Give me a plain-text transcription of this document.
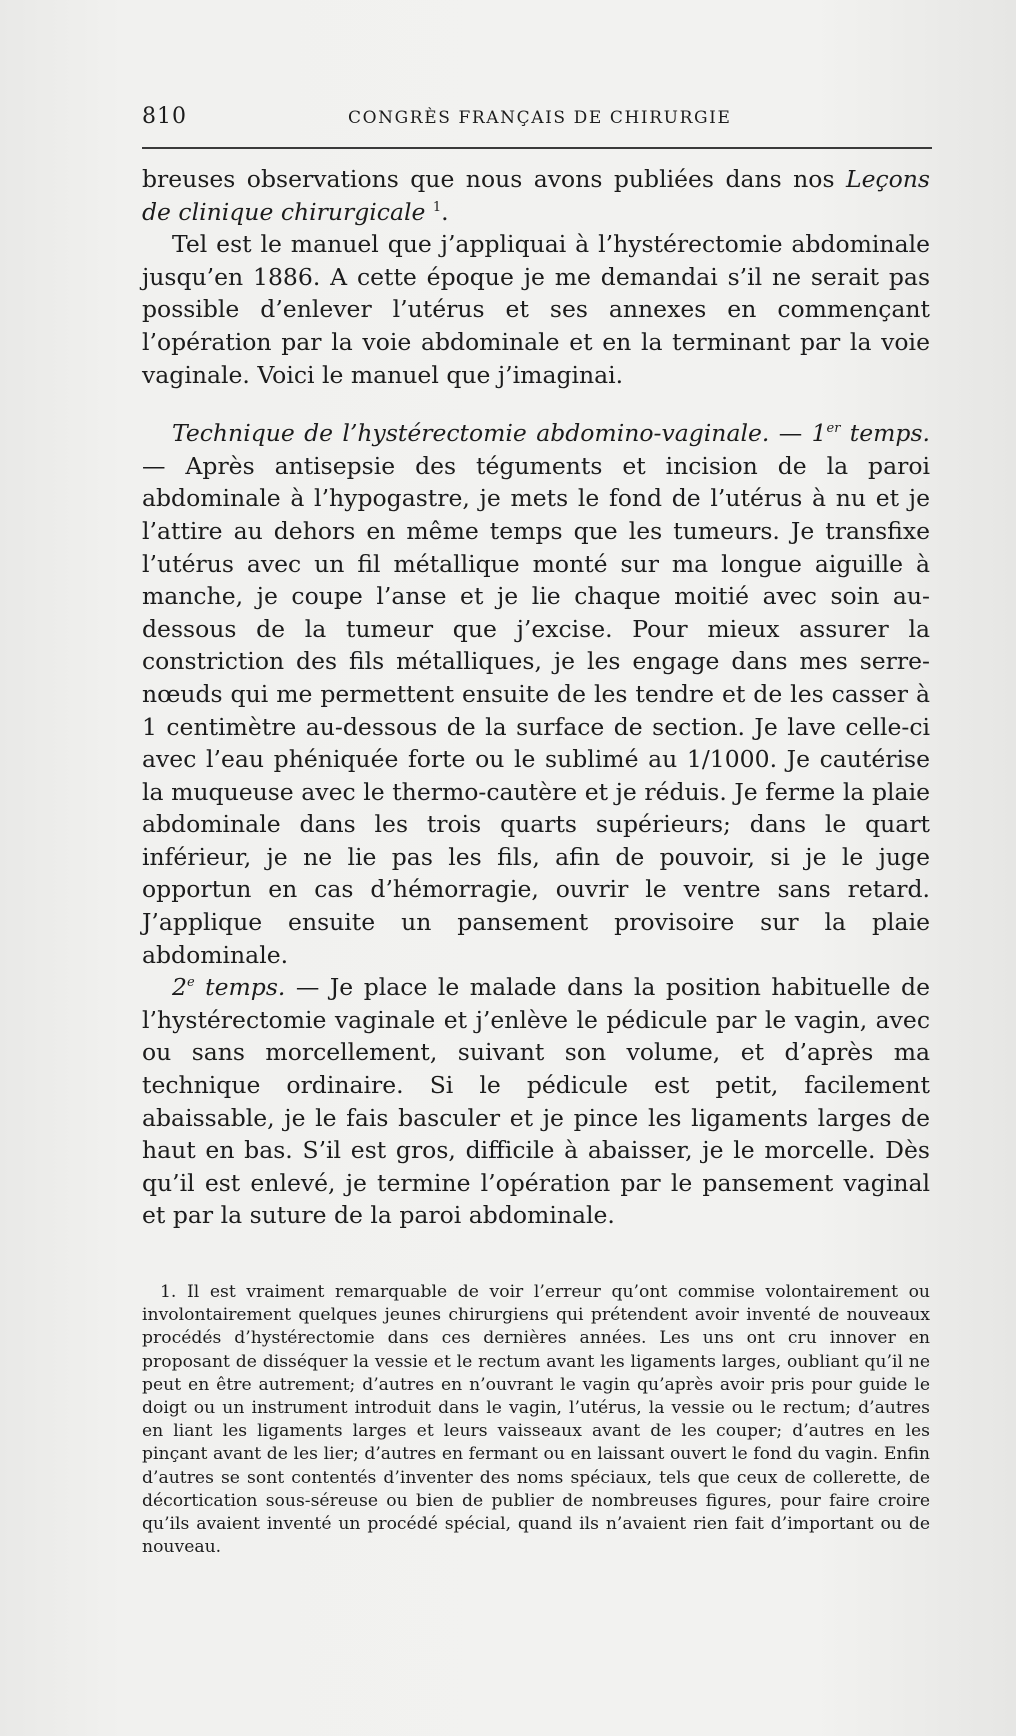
810	CONGRÈS FRANÇAIS DE CHIRURGIE

breuses observations que nous avons publiées dans nos Leçons de clinique chirurgicale $^1$.

Tel est le manuel que j’appliquai à l’hystérectomie abdominale jusqu’en 1886. A cette époque je me demandai s’il ne serait pas possible d’enlever l’utérus et ses annexes en commençant l’opération par la voie abdominale et en la terminant par la voie vaginale. Voici le manuel que j’imaginai.

Technique de l’hystérectomie abdomino-vaginale. — 1er temps. — Après antisepsie des téguments et incision de la paroi abdominale à l’hypogastre, je mets le fond de l’utérus à nu et je l’attire au dehors en même temps que les tumeurs. Je transfixe l’utérus avec un fil métallique monté sur ma longue aiguille à manche, je coupe l’anse et je lie chaque moitié avec soin au-dessous de la tumeur que j’excise. Pour mieux assurer la constriction des fils métalliques, je les engage dans mes serre-nœuds qui me permettent ensuite de les tendre et de les casser à 1 centimètre au-dessous de la surface de section. Je lave celle-ci avec l’eau phéniquée forte ou le sublimé au 1/1000. Je cautérise la muqueuse avec le thermo-cautère et je réduis. Je ferme la plaie abdominale dans les trois quarts supérieurs; dans le quart inférieur, je ne lie pas les fils, afin de pouvoir, si je le juge opportun en cas d’hémorragie, ouvrir le ventre sans retard. J’applique ensuite un pansement provisoire sur la plaie abdominale.

2e temps. — Je place le malade dans la position habituelle de l’hystérectomie vaginale et j’enlève le pédicule par le vagin, avec ou sans morcellement, suivant son volume, et d’après ma technique ordinaire. Si le pédicule est petit, facilement abaissable, je le fais basculer et je pince les ligaments larges de haut en bas. S’il est gros, difficile à abaisser, je le morcelle. Dès qu’il est enlevé, je termine l’opération par le pansement vaginal et par la suture de la paroi abdominale.

1. Il est vraiment remarquable de voir l’erreur qu’ont commise volontairement ou involontairement quelques jeunes chirurgiens qui prétendent avoir inventé de nouveaux procédés d’hystérectomie dans ces dernières années. Les uns ont cru innover en proposant de disséquer la vessie et le rectum avant les ligaments larges, oubliant qu’il ne peut en être autrement; d’autres en n’ouvrant le vagin qu’après avoir pris pour guide le doigt ou un instrument introduit dans le vagin, l’utérus, la vessie ou le rectum; d’autres en liant les ligaments larges et leurs vaisseaux avant de les couper; d’autres en les pinçant avant de les lier; d’autres en fermant ou en laissant ouvert le fond du vagin. Enfin d’autres se sont contentés d’inventer des noms spéciaux, tels que ceux de collerette, de décortication sous-séreuse ou bien de publier de nombreuses figures, pour faire croire qu’ils avaient inventé un procédé spécial, quand ils n’avaient rien fait d’important ou de nouveau.
